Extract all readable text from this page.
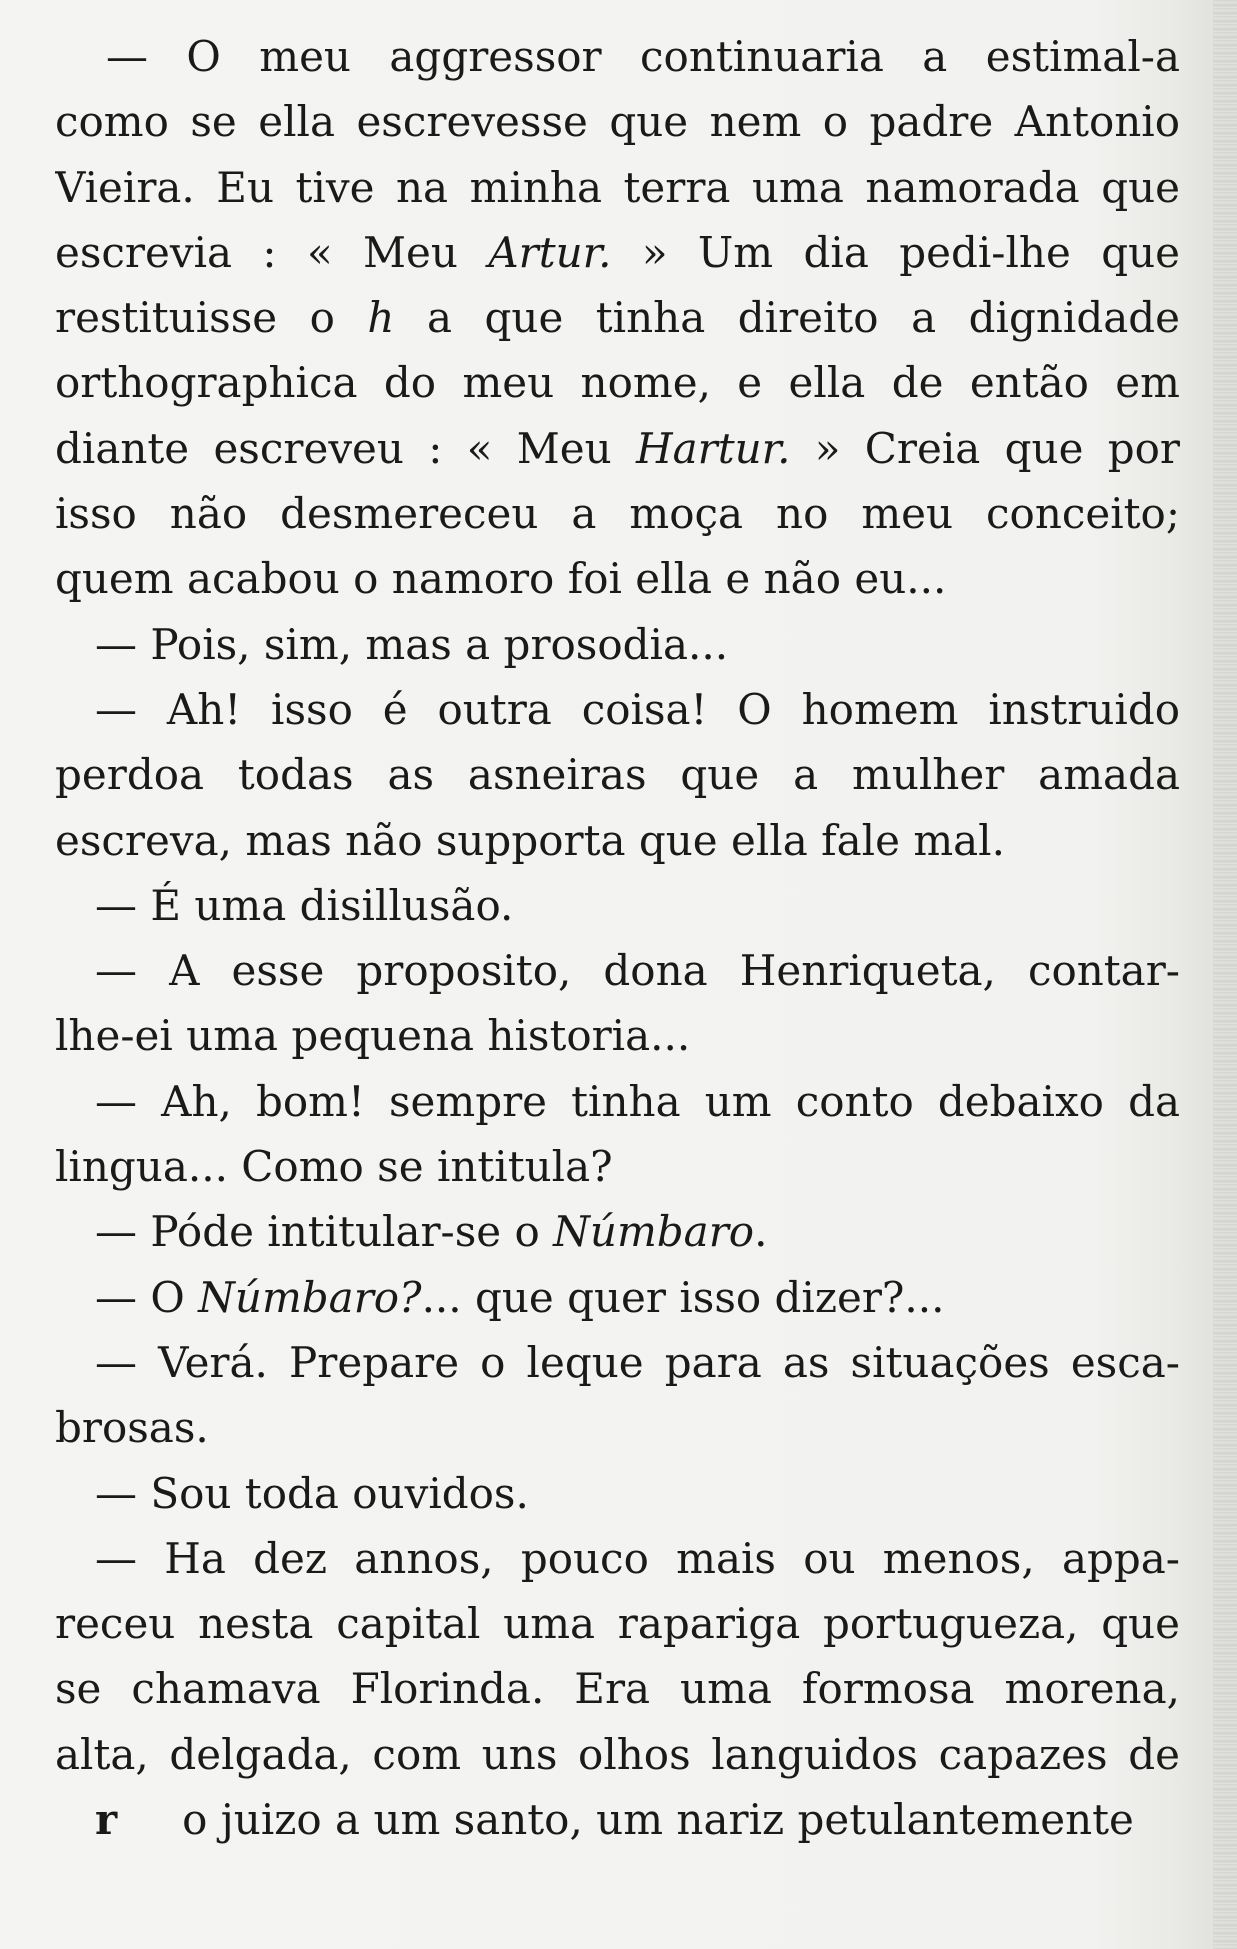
— O meu aggressor continuaria a estimal-a
como se ella escrevesse que nem o padre Antonio
Vieira. Eu tive na minha terra uma namorada que
escrevia : « Meu Artur. » Um dia pedi-lhe que
restituisse o h a que tinha direito a dignidade
orthographica do meu nome, e ella de então em
diante escreveu : « Meu Hartur. » Creia que por
isso não desmereceu a moça no meu conceito;
quem acabou o namoro foi ella e não eu...
— Pois, sim, mas a prosodia...
— Ah! isso é outra coisa! O homem instruido
perdoa todas as asneiras que a mulher amada
escreva, mas não supporta que ella fale mal.
— É uma disillusão.
— A esse proposito, dona Henriqueta, contar-
lhe-ei uma pequena historia...
— Ah, bom! sempre tinha um conto debaixo da
lingua... Como se intitula?
— Póde intitular-se o Númbaro.
— O Númbaro?... que quer isso dizer?...
— Verá. Prepare o leque para as situações esca-
brosas.
— Sou toda ouvidos.
— Ha dez annos, pouco mais ou menos, appa-
receu nesta capital uma rapariga portugueza, que
se chamava Florinda. Era uma formosa morena,
alta, delgada, com uns olhos languidos capazes de
r o juizo a um santo, um nariz petulantemente
